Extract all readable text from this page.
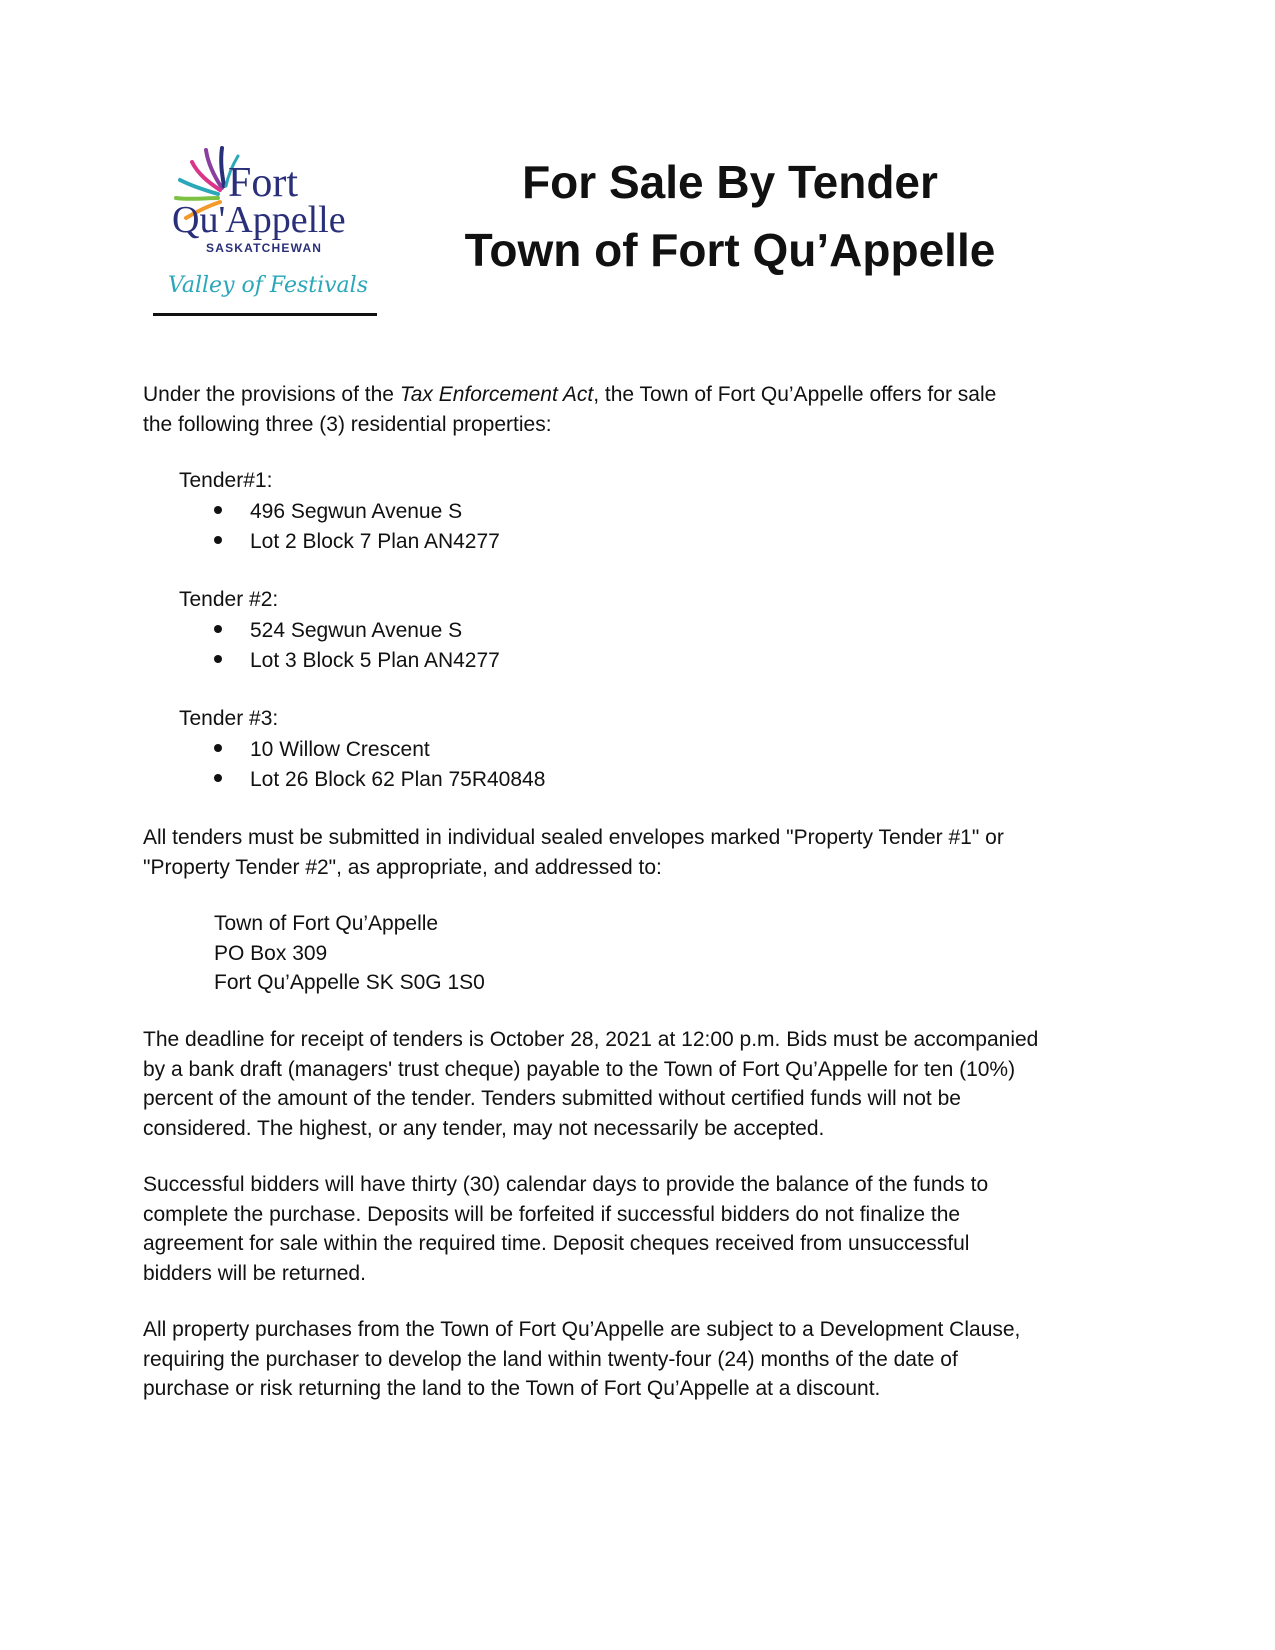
Fort
Qu'Appelle
SASKATCHEWAN
Valley of Festivals
For Sale By Tender
Town of Fort Qu’Appelle
Under the provisions of the Tax Enforcement Act, the Town of Fort Qu’Appelle offers for sale
the following three (3) residential properties:
Tender#1:
496 Segwun Avenue S
Lot 2 Block 7 Plan AN4277
Tender #2:
524 Segwun Avenue S
Lot 3 Block 5 Plan AN4277
Tender #3:
10 Willow Crescent
Lot 26 Block 62 Plan 75R40848
All tenders must be submitted in individual sealed envelopes marked "Property Tender #1" or
"Property Tender #2", as appropriate, and addressed to:
Town of Fort Qu’Appelle
PO Box 309
Fort Qu’Appelle SK S0G 1S0
The deadline for receipt of tenders is October 28, 2021 at 12:00 p.m. Bids must be accompanied
by a bank draft (managers' trust cheque) payable to the Town of Fort Qu’Appelle for ten (10%)
percent of the amount of the tender. Tenders submitted without certified funds will not be
considered. The highest, or any tender, may not necessarily be accepted.
Successful bidders will have thirty (30) calendar days to provide the balance of the funds to
complete the purchase. Deposits will be forfeited if successful bidders do not finalize the
agreement for sale within the required time. Deposit cheques received from unsuccessful
bidders will be returned.
All property purchases from the Town of Fort Qu’Appelle are subject to a Development Clause,
requiring the purchaser to develop the land within twenty-four (24) months of the date of
purchase or risk returning the land to the Town of Fort Qu’Appelle at a discount.
